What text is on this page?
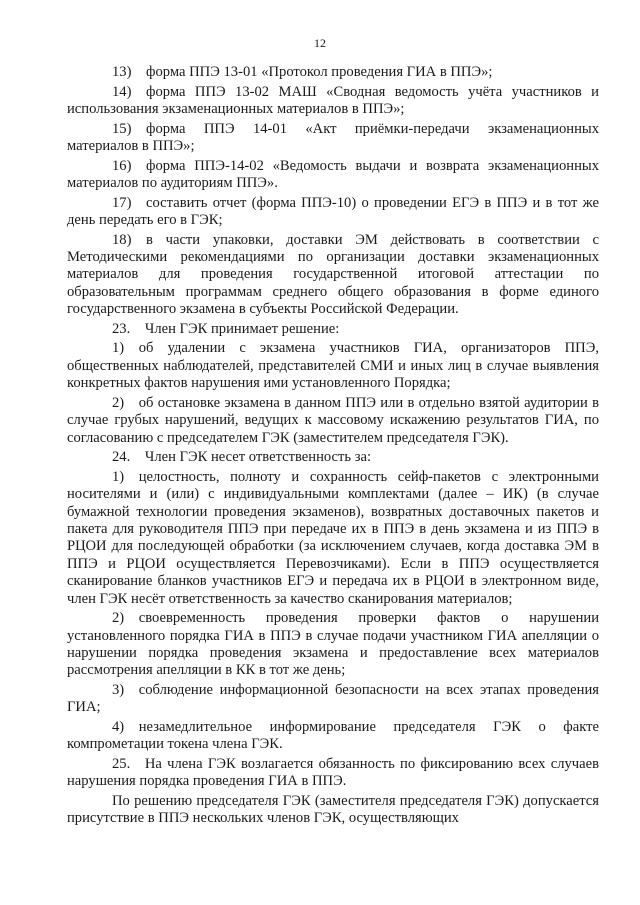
12

13) форма ППЭ 13-01 «Протокол проведения ГИА в ППЭ»;

14) форма ППЭ 13-02 МАШ «Сводная ведомость учёта участников и использования экзаменационных материалов в ППЭ»;

15) форма ППЭ 14-01 «Акт приёмки-передачи экзаменационных материалов в ППЭ»;

16) форма ППЭ-14-02 «Ведомость выдачи и возврата экзаменационных материалов по аудиториям ППЭ».

17) составить отчет (форма ППЭ-10) о проведении ЕГЭ в ППЭ и в тот же день передать его в ГЭК;

18) в части упаковки, доставки ЭМ действовать в соответствии с Методическими рекомендациями по организации доставки экзаменационных материалов для проведения государственной итоговой аттестации по образовательным программам среднего общего образования в форме единого государственного экзамена в субъекты Российской Федерации.

23. Член ГЭК принимает решение:

1) об удалении с экзамена участников ГИА, организаторов ППЭ, общественных наблюдателей, представителей СМИ и иных лиц в случае выявления конкретных фактов нарушения ими установленного Порядка;

2) об остановке экзамена в данном ППЭ или в отдельно взятой аудитории в случае грубых нарушений, ведущих к массовому искажению результатов ГИА, по согласованию с председателем ГЭК (заместителем председателя ГЭК).

24. Член ГЭК несет ответственность за:

1) целостность, полноту и сохранность сейф-пакетов с электронными носителями и (или) с индивидуальными комплектами (далее – ИК) (в случае бумажной технологии проведения экзаменов), возвратных доставочных пакетов и пакета для руководителя ППЭ при передаче их в ППЭ в день экзамена и из ППЭ в РЦОИ для последующей обработки (за исключением случаев, когда доставка ЭМ в ППЭ и РЦОИ осуществляется Перевозчиками). Если в ППЭ осуществляется сканирование бланков участников ЕГЭ и передача их в РЦОИ в электронном виде, член ГЭК несёт ответственность за качество сканирования материалов;

2) своевременность проведения проверки фактов о нарушении установленного порядка ГИА в ППЭ в случае подачи участником ГИА апелляции о нарушении порядка проведения экзамена и предоставление всех материалов рассмотрения апелляции в КК в тот же день;

3) соблюдение информационной безопасности на всех этапах проведения ГИА;

4) незамедлительное информирование председателя ГЭК о факте компрометации токена члена ГЭК.

25. На члена ГЭК возлагается обязанность по фиксированию всех случаев нарушения порядка проведения ГИА в ППЭ.

По решению председателя ГЭК (заместителя председателя ГЭК) допускается присутствие в ППЭ нескольких членов ГЭК, осуществляющих
